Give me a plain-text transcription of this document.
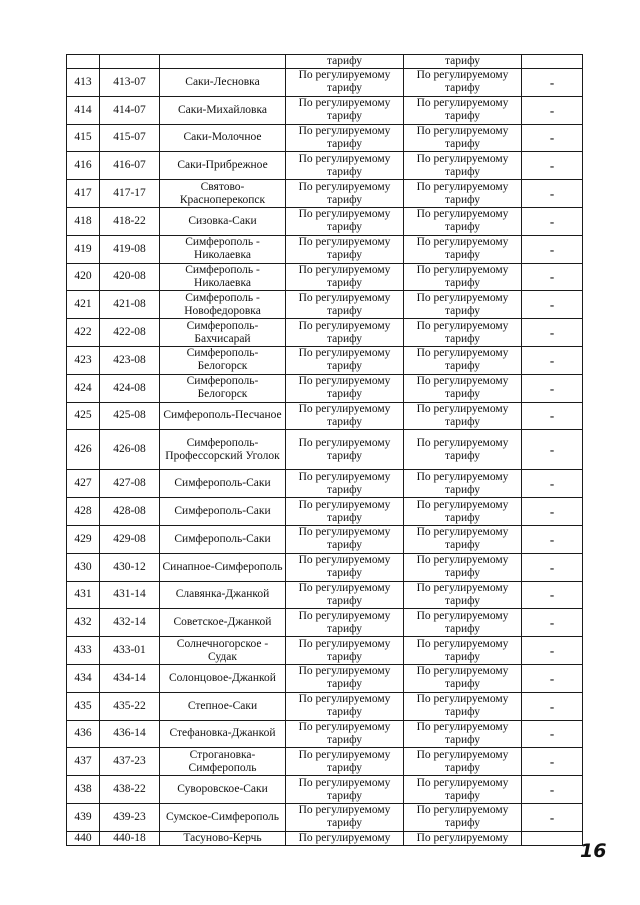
			тарифу	тарифу	
413	413-07	Саки-Лесновка	По регулируемому тарифу	По регулируемому тарифу	-
414	414-07	Саки-Михайловка	По регулируемому тарифу	По регулируемому тарифу	-
415	415-07	Саки-Молочное	По регулируемому тарифу	По регулируемому тарифу	-
416	416-07	Саки-Прибрежное	По регулируемому тарифу	По регулируемому тарифу	-
417	417-17	Святово-Красноперекопск	По регулируемому тарифу	По регулируемому тарифу	-
418	418-22	Сизовка-Саки	По регулируемому тарифу	По регулируемому тарифу	-
419	419-08	Симферополь - Николаевка	По регулируемому тарифу	По регулируемому тарифу	-
420	420-08	Симферополь - Николаевка	По регулируемому тарифу	По регулируемому тарифу	-
421	421-08	Симферополь - Новофедоровка	По регулируемому тарифу	По регулируемому тарифу	-
422	422-08	Симферополь-Бахчисарай	По регулируемому тарифу	По регулируемому тарифу	-
423	423-08	Симферополь-Белогорск	По регулируемому тарифу	По регулируемому тарифу	-
424	424-08	Симферополь-Белогорск	По регулируемому тарифу	По регулируемому тарифу	-
425	425-08	Симферополь-Песчаное	По регулируемому тарифу	По регулируемому тарифу	-
426	426-08	Симферополь-Профессорский Уголок	По регулируемому тарифу	По регулируемому тарифу	-
427	427-08	Симферополь-Саки	По регулируемому тарифу	По регулируемому тарифу	-
428	428-08	Симферополь-Саки	По регулируемому тарифу	По регулируемому тарифу	-
429	429-08	Симферополь-Саки	По регулируемому тарифу	По регулируемому тарифу	-
430	430-12	Синапное-Симферополь	По регулируемому тарифу	По регулируемому тарифу	-
431	431-14	Славянка-Джанкой	По регулируемому тарифу	По регулируемому тарифу	-
432	432-14	Советское-Джанкой	По регулируемому тарифу	По регулируемому тарифу	-
433	433-01	Солнечногорское - Судак	По регулируемому тарифу	По регулируемому тарифу	-
434	434-14	Солонцовое-Джанкой	По регулируемому тарифу	По регулируемому тарифу	-
435	435-22	Степное-Саки	По регулируемому тарифу	По регулируемому тарифу	-
436	436-14	Стефановка-Джанкой	По регулируемому тарифу	По регулируемому тарифу	-
437	437-23	Строгановка-Симферополь	По регулируемому тарифу	По регулируемому тарифу	-
438	438-22	Суворовское-Саки	По регулируемому тарифу	По регулируемому тарифу	-
439	439-23	Сумское-Симферополь	По регулируемому тарифу	По регулируемому тарифу	-
440	440-18	Тасуново-Керчь	По регулируемому	По регулируемому	
16
